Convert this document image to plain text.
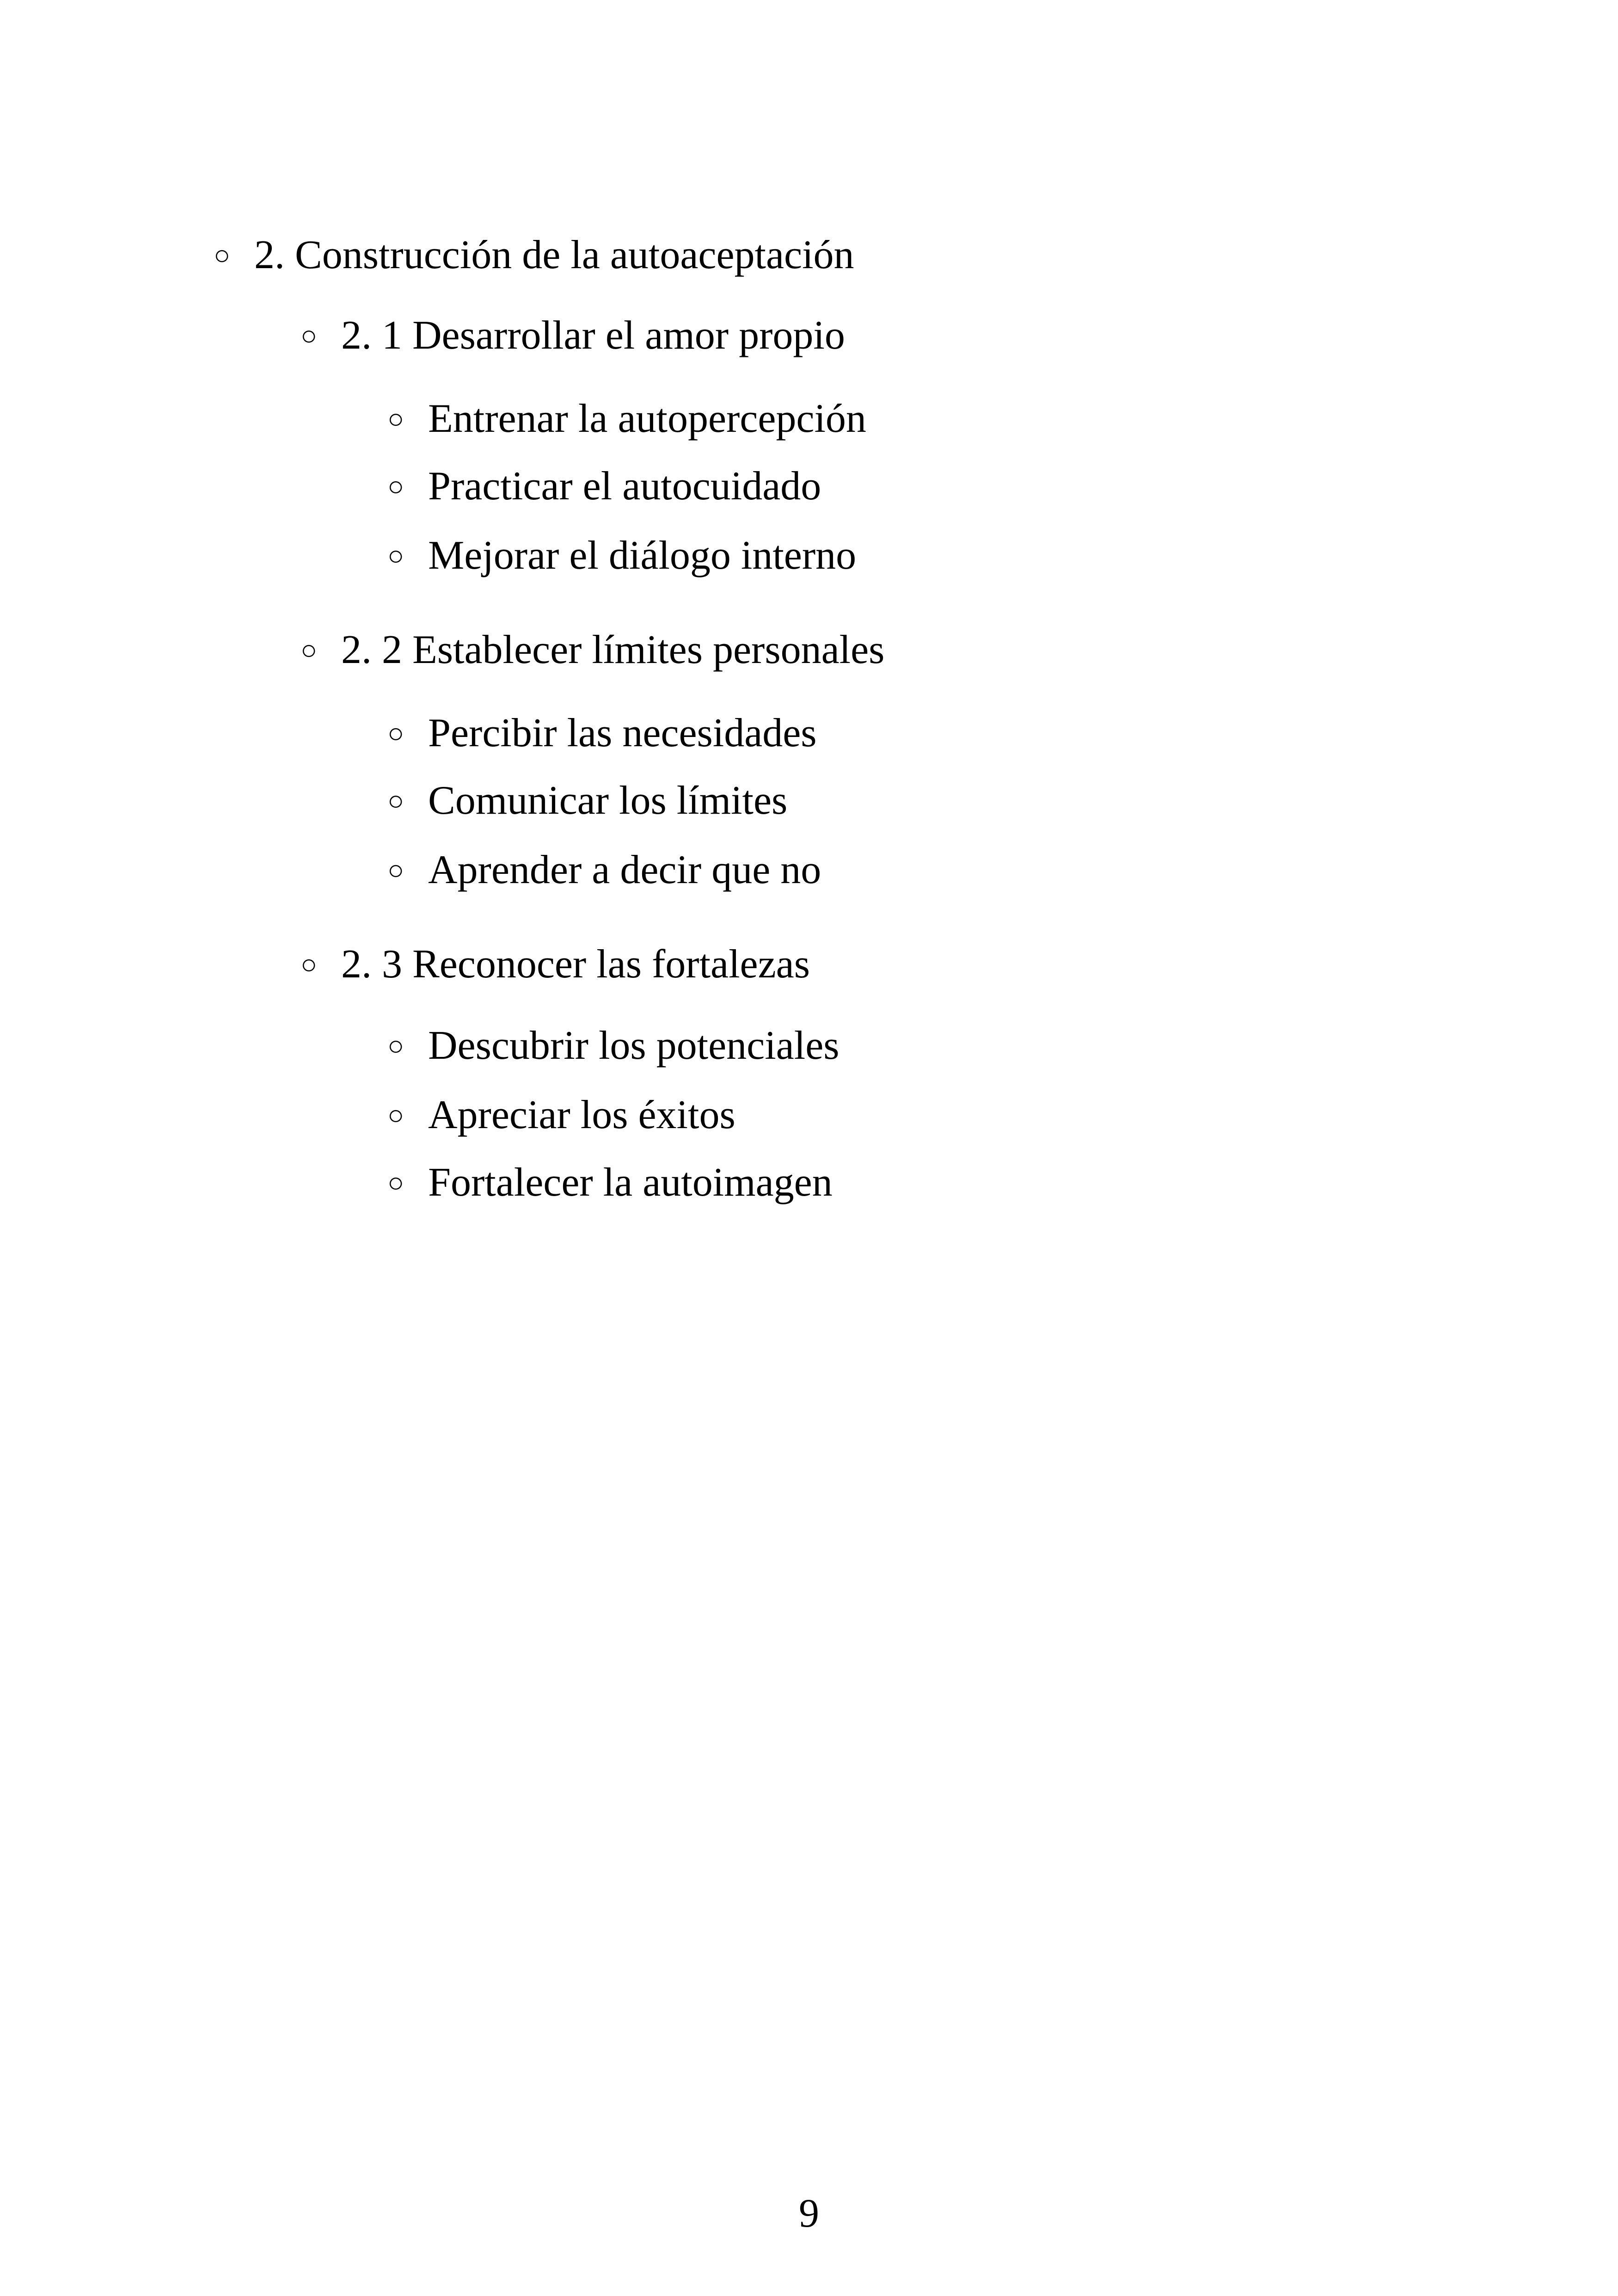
○ 2. Construcción de la autoaceptación
○ 2. 1 Desarrollar el amor propio
○ Entrenar la autopercepción
○ Practicar el autocuidado
○ Mejorar el diálogo interno
○ 2. 2 Establecer límites personales
○ Percibir las necesidades
○ Comunicar los límites
○ Aprender a decir que no
○ 2. 3 Reconocer las fortalezas
○ Descubrir los potenciales
○ Apreciar los éxitos
○ Fortalecer la autoimagen
9
